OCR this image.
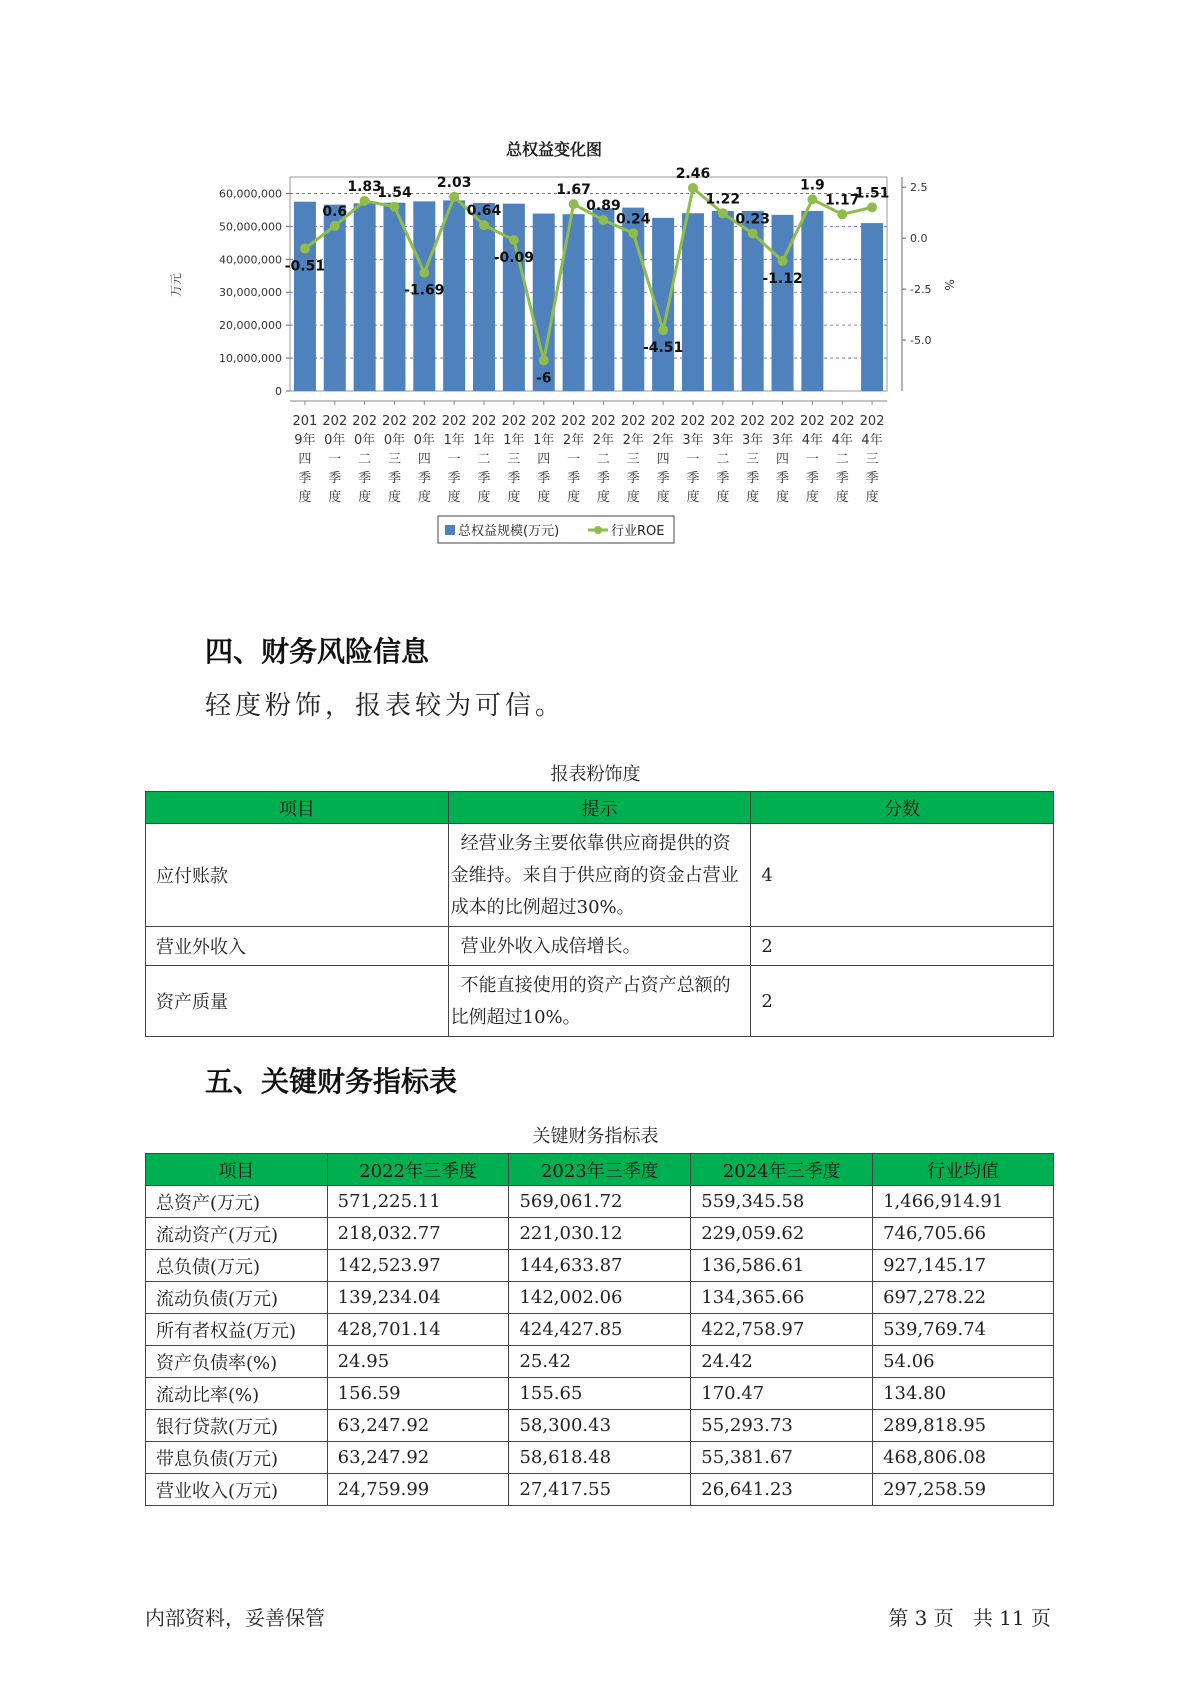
总权益变化图
0
10,000,000
20,000,000
30,000,000
40,000,000
50,000,000
60,000,000
万元
-5.0
-2.5
0.0
2.5
%
201
9年
四
季
度
202
0年
一
季
度
202
0年
二
季
度
202
0年
三
季
度
202
0年
四
季
度
202
1年
一
季
度
202
1年
二
季
度
202
1年
三
季
度
202
1年
四
季
度
202
2年
一
季
度
202
2年
二
季
度
202
2年
三
季
度
202
2年
四
季
度
202
3年
一
季
度
202
3年
二
季
度
202
3年
三
季
度
202
3年
四
季
度
202
4年
一
季
度
202
4年
二
季
度
202
4年
三
季
度
-0.51
0.6
1.83
1.54
-1.69
2.03
0.64
-0.09
-6
1.67
0.89
0.24
-4.51
2.46
1.22
0.23
-1.12
1.9
1.17
1.51
总权益规模(万元)	行业ROE
四、财务风险信息
轻度粉饰，报表较为可信。
报表粉饰度
项目	提示	分数
应付账款	经营业务主要依靠供应商提供的资金维持。来自于供应商的资金占营业成本的比例超过30%。	4
营业外收入	营业外收入成倍增长。	2
资产质量	不能直接使用的资产占资产总额的比例超过10%。	2
五、关键财务指标表
关键财务指标表
项目	2022年三季度	2023年三季度	2024年三季度	行业均值
总资产(万元)	571,225.11	569,061.72	559,345.58	1,466,914.91
流动资产(万元)	218,032.77	221,030.12	229,059.62	746,705.66
总负债(万元)	142,523.97	144,633.87	136,586.61	927,145.17
流动负债(万元)	139,234.04	142,002.06	134,365.66	697,278.22
所有者权益(万元)	428,701.14	424,427.85	422,758.97	539,769.74
资产负债率(%)	24.95	25.42	24.42	54.06
流动比率(%)	156.59	155.65	170.47	134.80
银行贷款(万元)	63,247.92	58,300.43	55,293.73	289,818.95
带息负债(万元)	63,247.92	58,618.48	55,381.67	468,806.08
营业收入(万元)	24,759.99	27,417.55	26,641.23	297,258.59
内部资料，妥善保管	第 3 页   共 11 页
